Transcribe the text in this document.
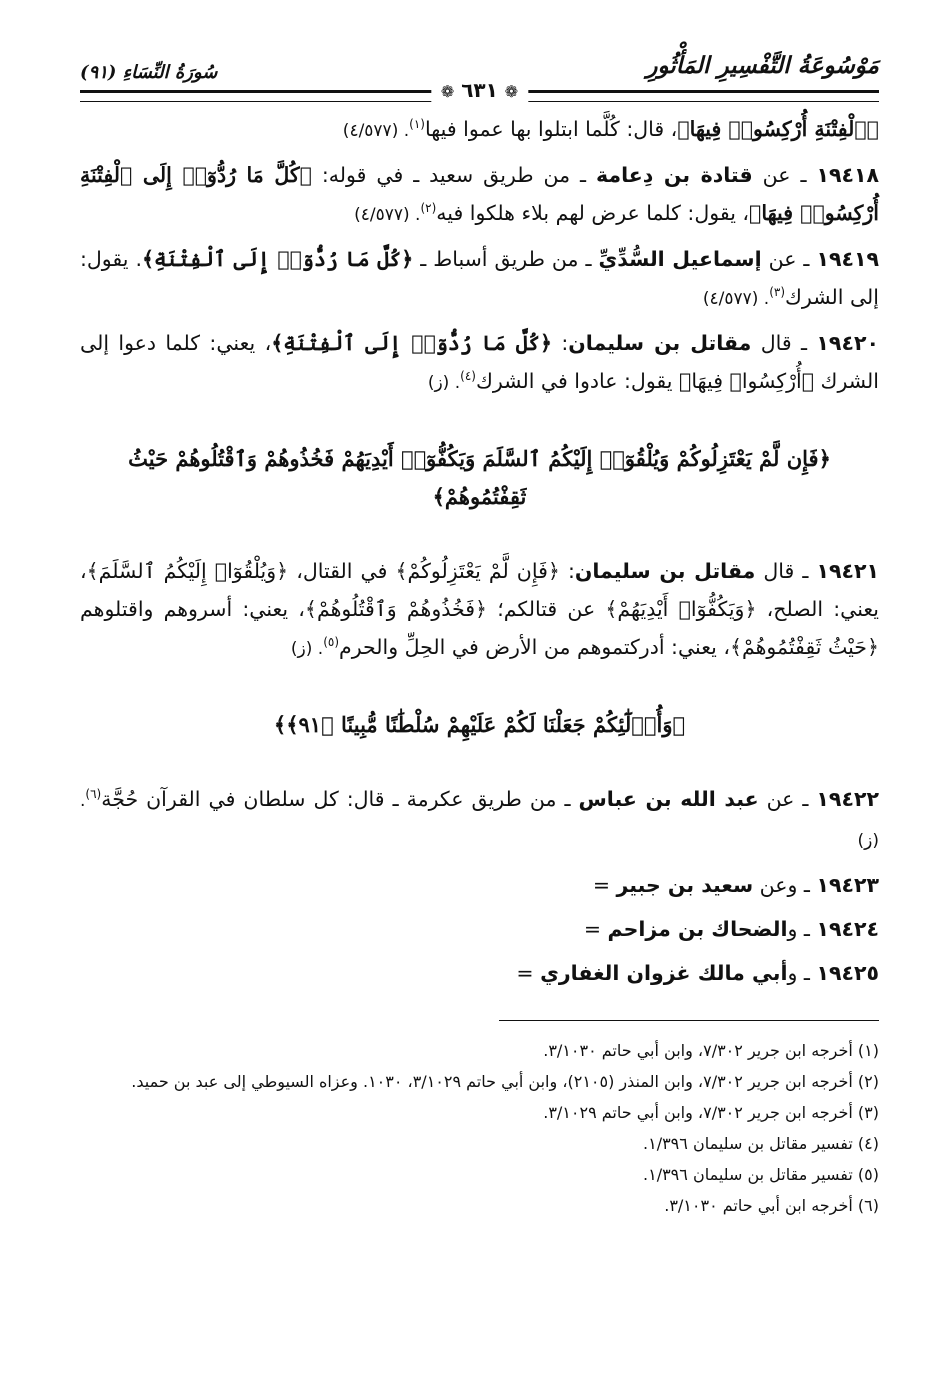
مَوْسُوعَةُ التَّفْسِيرِ المَأْثُورِ
سُورَةُ النِّسَاءِ (٩١)
❁ ٦٣١ ❁

﴿ٱلْفِتْنَةِ أُرْكِسُوا۟ فِيهَا﴾، قال: كُلَّما ابتلوا بها عموا فيها$^{(١)}$. (٤/٥٧٧)

١٩٤١٨ ـ عن قتادة بن دِعامة ـ من طريق سعيد ـ في قوله: ﴿كُلَّ مَا رُدُّوٓا۟ إِلَى ٱلْفِتْنَةِ أُرْكِسُوا۟ فِيهَا﴾، يقول: كلما عرض لهم بلاء هلكوا فيه$^{(٢)}$. (٤/٥٧٧)

١٩٤١٩ ـ عن إسماعيل السُّدِّيِّ ـ من طريق أسباط ـ ﴿كُلَّ مَا رُدُّوٓا۟ إِلَى ٱلْفِتْنَةِ﴾. يقول: إلى الشرك$^{(٣)}$. (٤/٥٧٧)

١٩٤٢٠ ـ قال مقاتل بن سليمان: ﴿كُلَّ مَا رُدُّوٓا۟ إِلَى ٱلْفِتْنَةِ﴾، يعني: كلما دعوا إلى الشرك ﴿أُرْكِسُوا۟ فِيهَا﴾ يقول: عادوا في الشرك$^{(٤)}$. (ز)

﴿فَإِن لَّمْ يَعْتَزِلُوكُمْ وَيُلْقُوٓا۟ إِلَيْكُمُ ٱلسَّلَمَ وَيَكُفُّوٓا۟ أَيْدِيَهُمْ فَخُذُوهُمْ وَٱقْتُلُوهُمْ حَيْثُ ثَقِفْتُمُوهُمْ﴾

١٩٤٢١ ـ قال مقاتل بن سليمان: ﴿فَإِن لَّمْ يَعْتَزِلُوكُمْ﴾ في القتال، ﴿وَيُلْقُوٓا۟ إِلَيْكُمُ ٱلسَّلَمَ﴾، يعني: الصلح، ﴿وَيَكُفُّوٓا۟ أَيْدِيَهُمْ﴾ عن قتالكم؛ ﴿فَخُذُوهُمْ وَٱقْتُلُوهُمْ﴾، يعني: أسروهم واقتلوهم ﴿حَيْثُ ثَقِفْتُمُوهُمْ﴾، يعني: أدركتموهم من الأرض في الحِلِّ والحرم$^{(٥)}$. (ز)

﴿وَأُو۟لَٰٓئِكُمْ جَعَلْنَا لَكُمْ عَلَيْهِمْ سُلْطَٰنًا مُّبِينًا ﴿٩١﴾﴾

١٩٤٢٢ ـ عن عبد الله بن عباس ـ من طريق عكرمة ـ قال: كل سلطان في القرآن حُجَّة$^{(٦)}$. (ز)

١٩٤٢٣ ـ وعن سعيد بن جبير =

١٩٤٢٤ ـ والضحاك بن مزاحم =

١٩٤٢٥ ـ وأبي مالك غزوان الغفاري =

(١) أخرجه ابن جرير ٧/٣٠٢، وابن أبي حاتم ٣/١٠٣٠.

(٢) أخرجه ابن جرير ٧/٣٠٢، وابن المنذر (٢١٠٥)، وابن أبي حاتم ٣/١٠٢٩، ١٠٣٠. وعزاه السيوطي إلى عبد بن حميد.

(٣) أخرجه ابن جرير ٧/٣٠٢، وابن أبي حاتم ٣/١٠٢٩.

(٤) تفسير مقاتل بن سليمان ١/٣٩٦.

(٥) تفسير مقاتل بن سليمان ١/٣٩٦.

(٦) أخرجه ابن أبي حاتم ٣/١٠٣٠.
